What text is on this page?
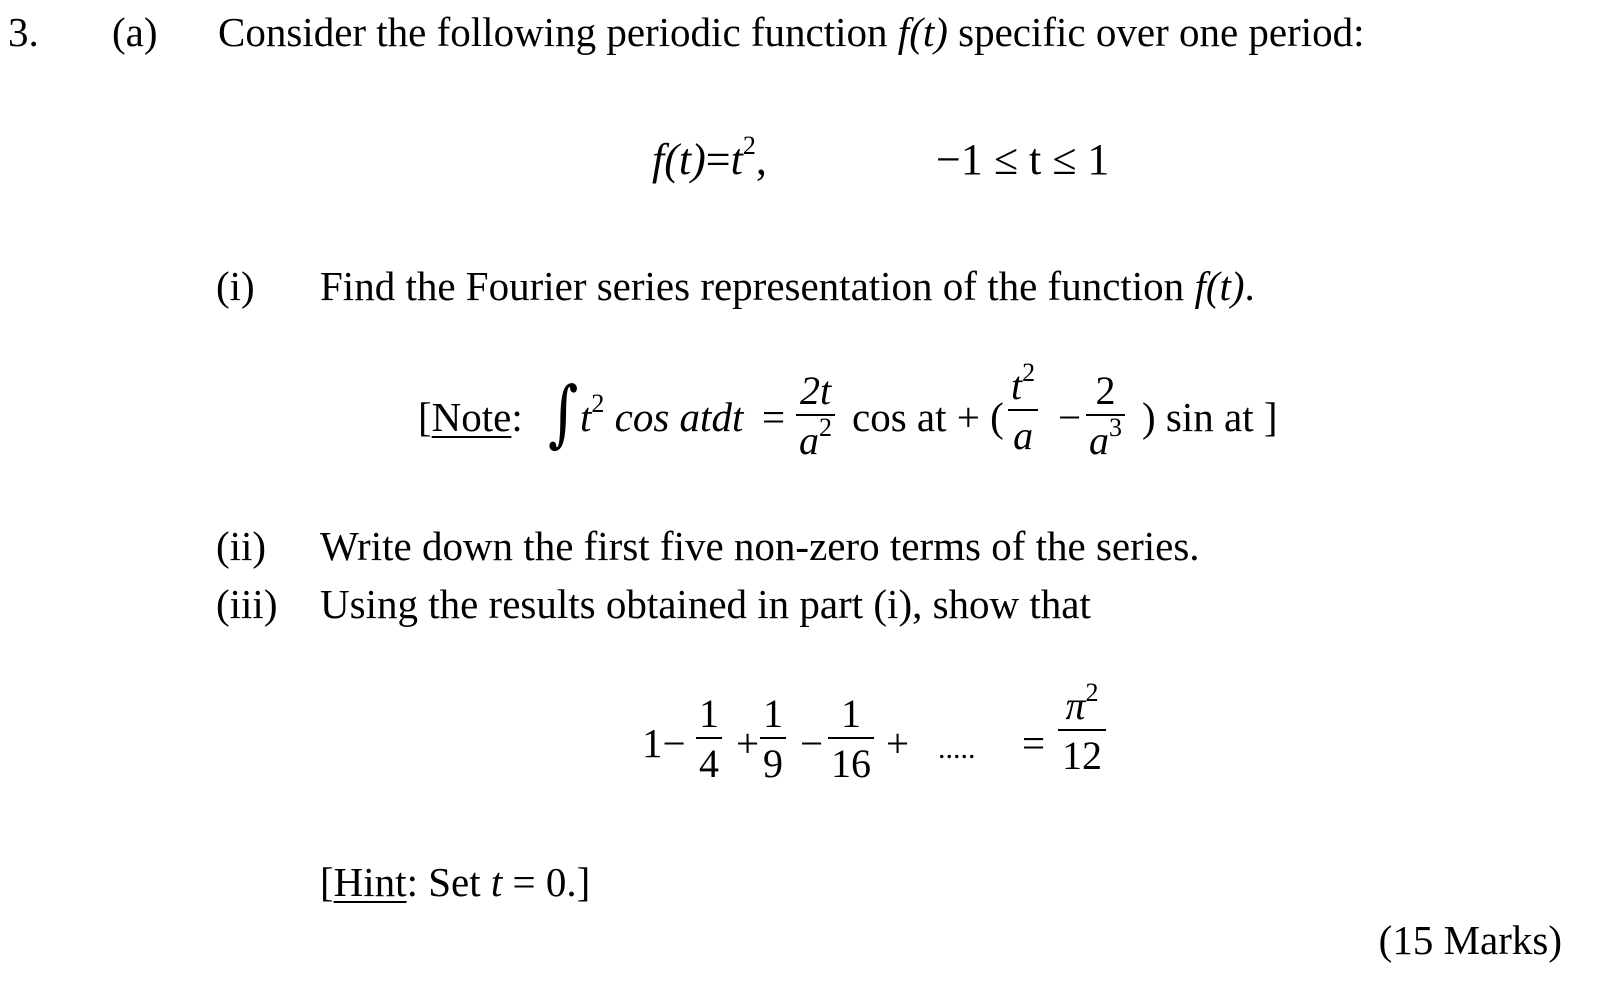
3. (a) Consider the following periodic function f(t) specific over one period:
$f(t)=t^2$,	−1 ≤ t ≤ 1
(i) Find the Fourier series representation of the function f(t).
[Note: ∫ $t^2$ cos atdt =
2t
$a^2$ cos at + (
$t^2$
a −
2
$a^3$ ) sin at ]
(ii) Write down the first five non-zero terms of the series.
(iii) Using the results obtained in part (i), show that
1−
1
4 +
1
9 −
1
16 + ..... =
$\pi^2$
12
[Hint: Set t = 0.]
(15 Marks)
